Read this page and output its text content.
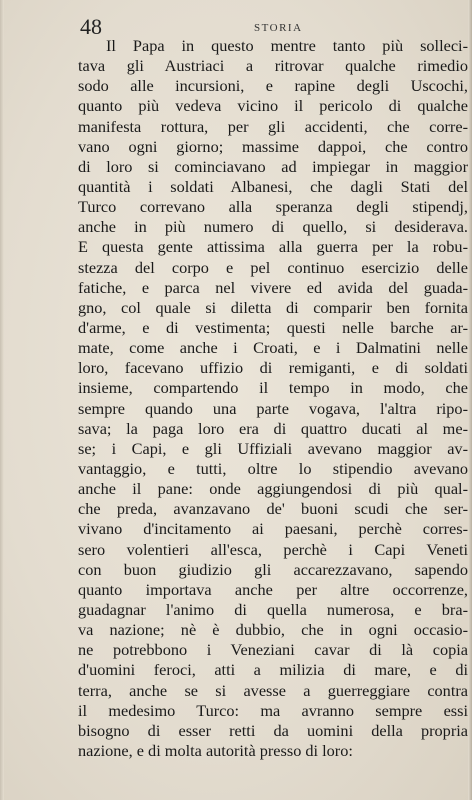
48	STORIA
Il Papa in questo mentre tanto più solleci-
tava gli Austriaci a ritrovar qualche rimedio
sodo alle incursioni, e rapine degli Uscochi,
quanto più vedeva vicino il pericolo di qualche
manifesta rottura, per gli accidenti, che corre-
vano ogni giorno; massime dappoi, che contro
di loro si cominciavano ad impiegar in maggior
quantità i soldati Albanesi, che dagli Stati del
Turco correvano alla speranza degli stipendj,
anche in più numero di quello, si desiderava.
E questa gente attissima alla guerra per la robu-
stezza del corpo e pel continuo esercizio delle
fatiche, e parca nel vivere ed avida del guada-
gno, col quale si diletta di comparir ben fornita
d'arme, e di vestimenta; questi nelle barche ar-
mate, come anche i Croati, e i Dalmatini nelle
loro, facevano uffizio di remiganti, e di soldati
insieme, compartendo il tempo in modo, che
sempre quando una parte vogava, l'altra ripo-
sava; la paga loro era di quattro ducati al me-
se; i Capi, e gli Uffiziali avevano maggior av-
vantaggio, e tutti, oltre lo stipendio avevano
anche il pane: onde aggiungendosi di più qual-
che preda, avanzavano de' buoni scudi che ser-
vivano d'incitamento ai paesani, perchè corres-
sero volentieri all'esca, perchè i Capi Veneti
con buon giudizio gli accarezzavano, sapendo
quanto importava anche per altre occorrenze,
guadagnar l'animo di quella numerosa, e bra-
va nazione; nè è dubbio, che in ogni occasio-
ne potrebbono i Veneziani cavar di là copia
d'uomini feroci, atti a milizia di mare, e di
terra, anche se si avesse a guerreggiare contra
il medesimo Turco: ma avranno sempre essi
bisogno di esser retti da uomini della propria
nazione, e di molta autorità presso di loro:
